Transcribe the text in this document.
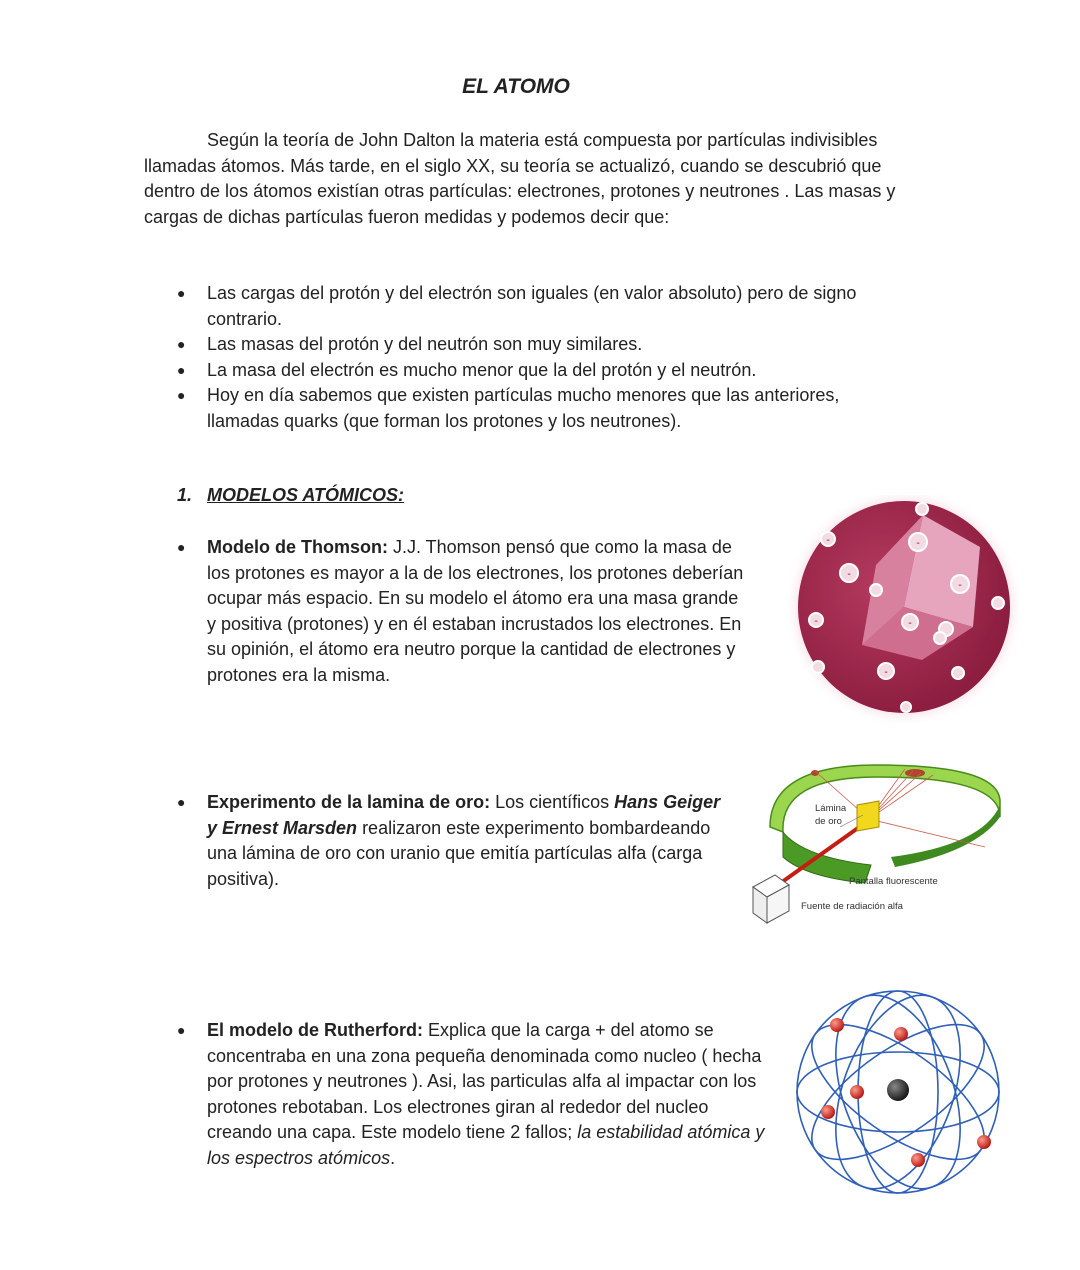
EL ATOMO

Según la teoría de John Dalton la materia está compuesta por partículas indivisibles llamadas átomos. Más tarde, en el siglo XX, su teoría se actualizó, cuando se descubrió que dentro de los átomos existían otras partículas: electrones, protones y neutrones . Las masas y cargas de dichas partículas fueron medidas y podemos decir que:

●
Las cargas del protón y del electrón son iguales (en valor absoluto) pero de signo contrario.
●
Las masas del protón y del neutrón son muy similares.
●
La masa del electrón es mucho menor que la del protón y el neutrón.
●
Hoy en día sabemos que existen partículas mucho menores que las anteriores, llamadas quarks (que forman los protones y los neutrones).
1. MODELOS ATÓMICOS:
●
Modelo de Thomson: J.J. Thomson pensó que como la masa de los protones es mayor a la de los electrones, los protones deberían ocupar más espacio. En su modelo el átomo era una masa grande y positiva (protones) y en él estaban incrustados los electrones. En su opinión, el átomo era neutro porque la cantidad de electrones y protones era la misma.
-	-
-
-
-	-
-
●
Experimento de la lamina de oro: Los científicos Hans Geiger y Ernest Marsden realizaron este experimento bombardeando una lámina de oro con uranio que emitía partículas alfa (carga positiva).
Lámina
de oro
Pantalla fluorescente
Fuente de radiación alfa
●
El modelo de Rutherford: Explica que la carga + del atomo se concentraba en una zona pequeña denominada como nucleo ( hecha por protones y neutrones ). Asi, las particulas alfa al impactar con los protones rebotaban. Los electrones giran al rededor del nucleo creando una capa. Este modelo tiene 2 fallos; la estabilidad atómica y los espectros atómicos.
